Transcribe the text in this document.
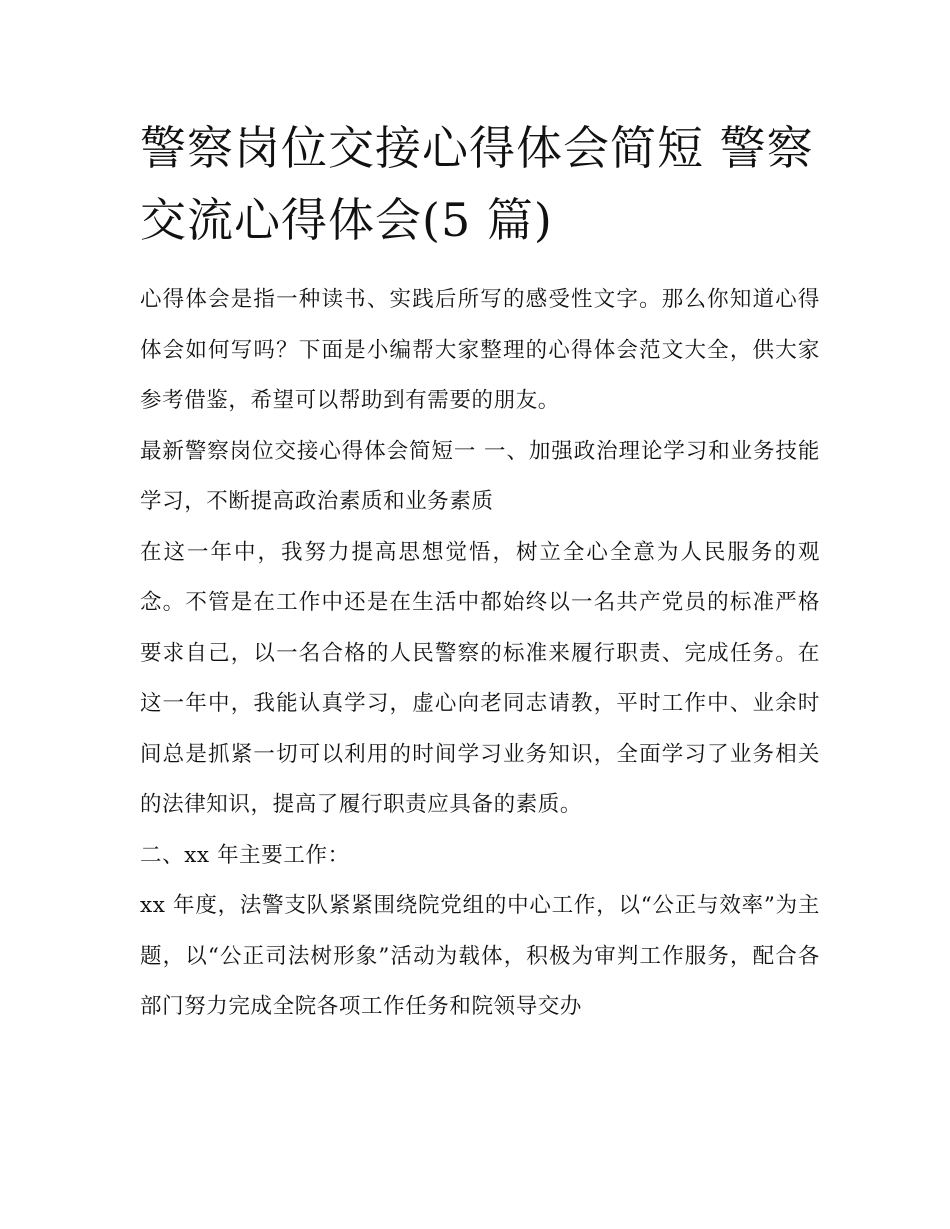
警察岗位交接心得体会简短 警察交流心得体会(5 篇)

心得体会是指一种读书、实践后所写的感受性文字。那么你知道心得体会如何写吗？下面是小编帮大家整理的心得体会范文大全，供大家参考借鉴，希望可以帮助到有需要的朋友。

最新警察岗位交接心得体会简短一 一、加强政治理论学习和业务技能学习，不断提高政治素质和业务素质

在这一年中，我努力提高思想觉悟，树立全心全意为人民服务的观念。不管是在工作中还是在生活中都始终以一名共产党员的标准严格要求自己，以一名合格的人民警察的标准来履行职责、完成任务。在这一年中，我能认真学习，虚心向老同志请教，平时工作中、业余时间总是抓紧一切可以利用的时间学习业务知识，全面学习了业务相关的法律知识，提高了履行职责应具备的素质。

二、xx 年主要工作：

xx 年度，法警支队紧紧围绕院党组的中心工作，以“公正与效率”为主题，以“公正司法树形象”活动为载体，积极为审判工作服务，配合各部门努力完成全院各项工作任务和院领导交办
